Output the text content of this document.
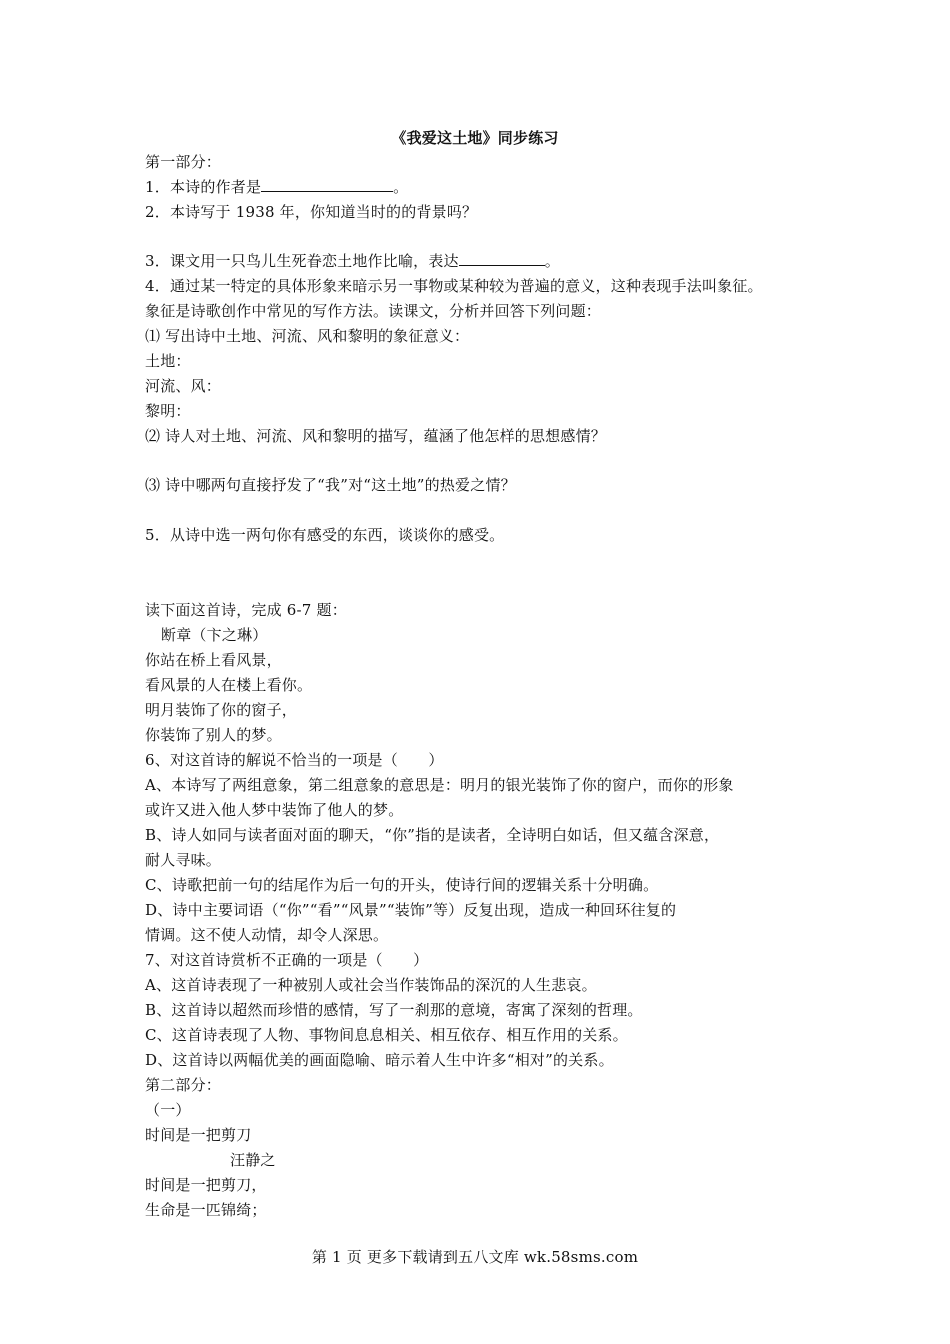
《我爱这土地》同步练习
第一部分：
1．本诗的作者是	。
2．本诗写于 1938 年，你知道当时的的背景吗？
3．课文用一只鸟儿生死眷恋土地作比喻，表达	。
4．通过某一特定的具体形象来暗示另一事物或某种较为普遍的意义，这种表现手法叫象征。
象征是诗歌创作中常见的写作方法。读课文，分析并回答下列问题：
⑴ 写出诗中土地、河流、风和黎明的象征意义：
土地：
河流、风：
黎明：
⑵ 诗人对土地、河流、风和黎明的描写，蕴涵了他怎样的思想感情？
⑶ 诗中哪两句直接抒发了“我”对“这土地”的热爱之情？
5．从诗中选一两句你有感受的东西，谈谈你的感受。
读下面这首诗，完成 6-7 题：
断章（卞之琳）
你站在桥上看风景，
看风景的人在楼上看你。
明月装饰了你的窗子，
你装饰了别人的梦。
6、对这首诗的解说不恰当的一项是（　　）
A、本诗写了两组意象，第二组意象的意思是：明月的银光装饰了你的窗户，而你的形象
或许又进入他人梦中装饰了他人的梦。
B、诗人如同与读者面对面的聊天，“你”指的是读者，全诗明白如话，但又蕴含深意，
耐人寻味。
C、诗歌把前一句的结尾作为后一句的开头，使诗行间的逻辑关系十分明确。
D、诗中主要词语（“你”“看”“风景”“装饰”等）反复出现，造成一种回环往复的
情调。这不使人动情，却令人深思。
7、对这首诗赏析不正确的一项是（　　）
A、这首诗表现了一种被别人或社会当作装饰品的深沉的人生悲哀。
B、这首诗以超然而珍惜的感情，写了一刹那的意境，寄寓了深刻的哲理。
C、这首诗表现了人物、事物间息息相关、相互依存、相互作用的关系。
D、这首诗以两幅优美的画面隐喻、暗示着人生中许多“相对”的关系。
第二部分：
（一）
时间是一把剪刀
汪静之
时间是一把剪刀，
生命是一匹锦绮；
第 1 页 更多下载请到五八文库 wk.58sms.com
